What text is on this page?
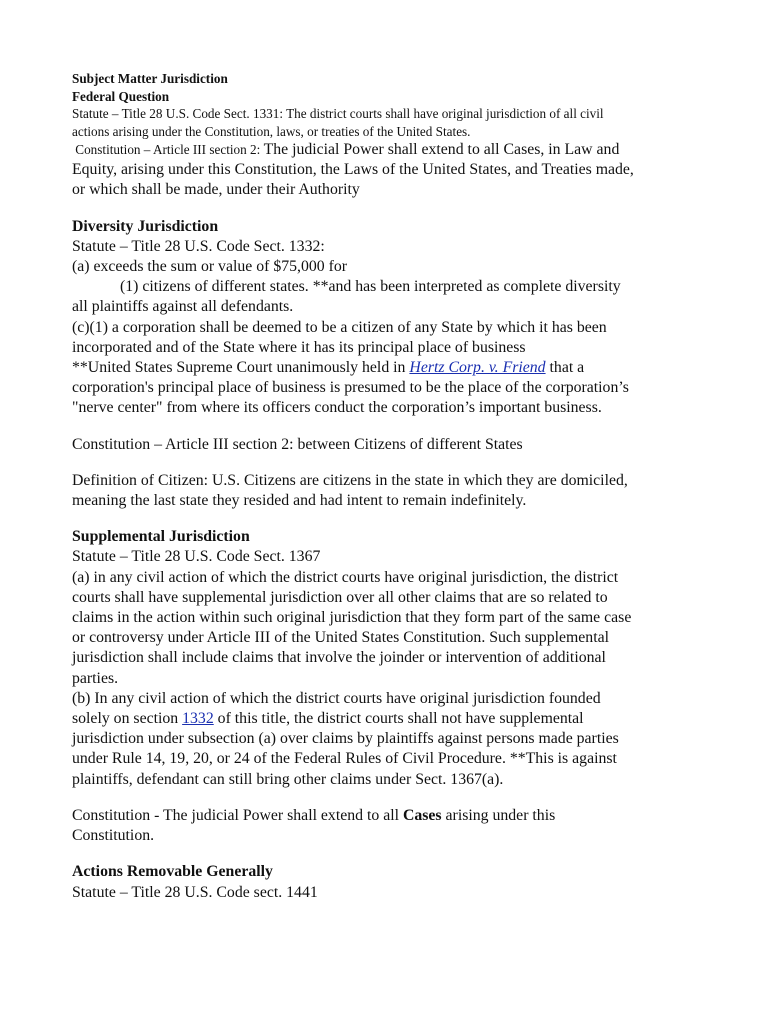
Subject Matter Jurisdiction
Federal Question
Statute – Title 28 U.S. Code Sect. 1331: The district courts shall have original jurisdiction of all civil
actions arising under the Constitution, laws, or treaties of the United States.
Constitution – Article III section 2: The judicial Power shall extend to all Cases, in Law and
Equity, arising under this Constitution, the Laws of the United States, and Treaties made,
or which shall be made, under their Authority
Diversity Jurisdiction
Statute – Title 28 U.S. Code Sect. 1332:
(a) exceeds the sum or value of $75,000 for
(1) citizens of different states. **and has been interpreted as complete diversity
all plaintiffs against all defendants.
(c)(1) a corporation shall be deemed to be a citizen of any State by which it has been
incorporated and of the State where it has its principal place of business
**United States Supreme Court unanimously held in Hertz Corp. v. Friend that a
corporation's principal place of business is presumed to be the place of the corporation’s
"nerve center" from where its officers conduct the corporation’s important business.
Constitution – Article III section 2: between Citizens of different States
Definition of Citizen: U.S. Citizens are citizens in the state in which they are domiciled,
meaning the last state they resided and had intent to remain indefinitely.
Supplemental Jurisdiction
Statute – Title 28 U.S. Code Sect. 1367
(a) in any civil action of which the district courts have original jurisdiction, the district
courts shall have supplemental jurisdiction over all other claims that are so related to
claims in the action within such original jurisdiction that they form part of the same case
or controversy under Article III of the United States Constitution. Such supplemental
jurisdiction shall include claims that involve the joinder or intervention of additional
parties.
(b) In any civil action of which the district courts have original jurisdiction founded
solely on section 1332 of this title, the district courts shall not have supplemental
jurisdiction under subsection (a) over claims by plaintiffs against persons made parties
under Rule 14, 19, 20, or 24 of the Federal Rules of Civil Procedure. **This is against
plaintiffs, defendant can still bring other claims under Sect. 1367(a).
Constitution - The judicial Power shall extend to all Cases arising under this
Constitution.
Actions Removable Generally
Statute – Title 28 U.S. Code sect. 1441
